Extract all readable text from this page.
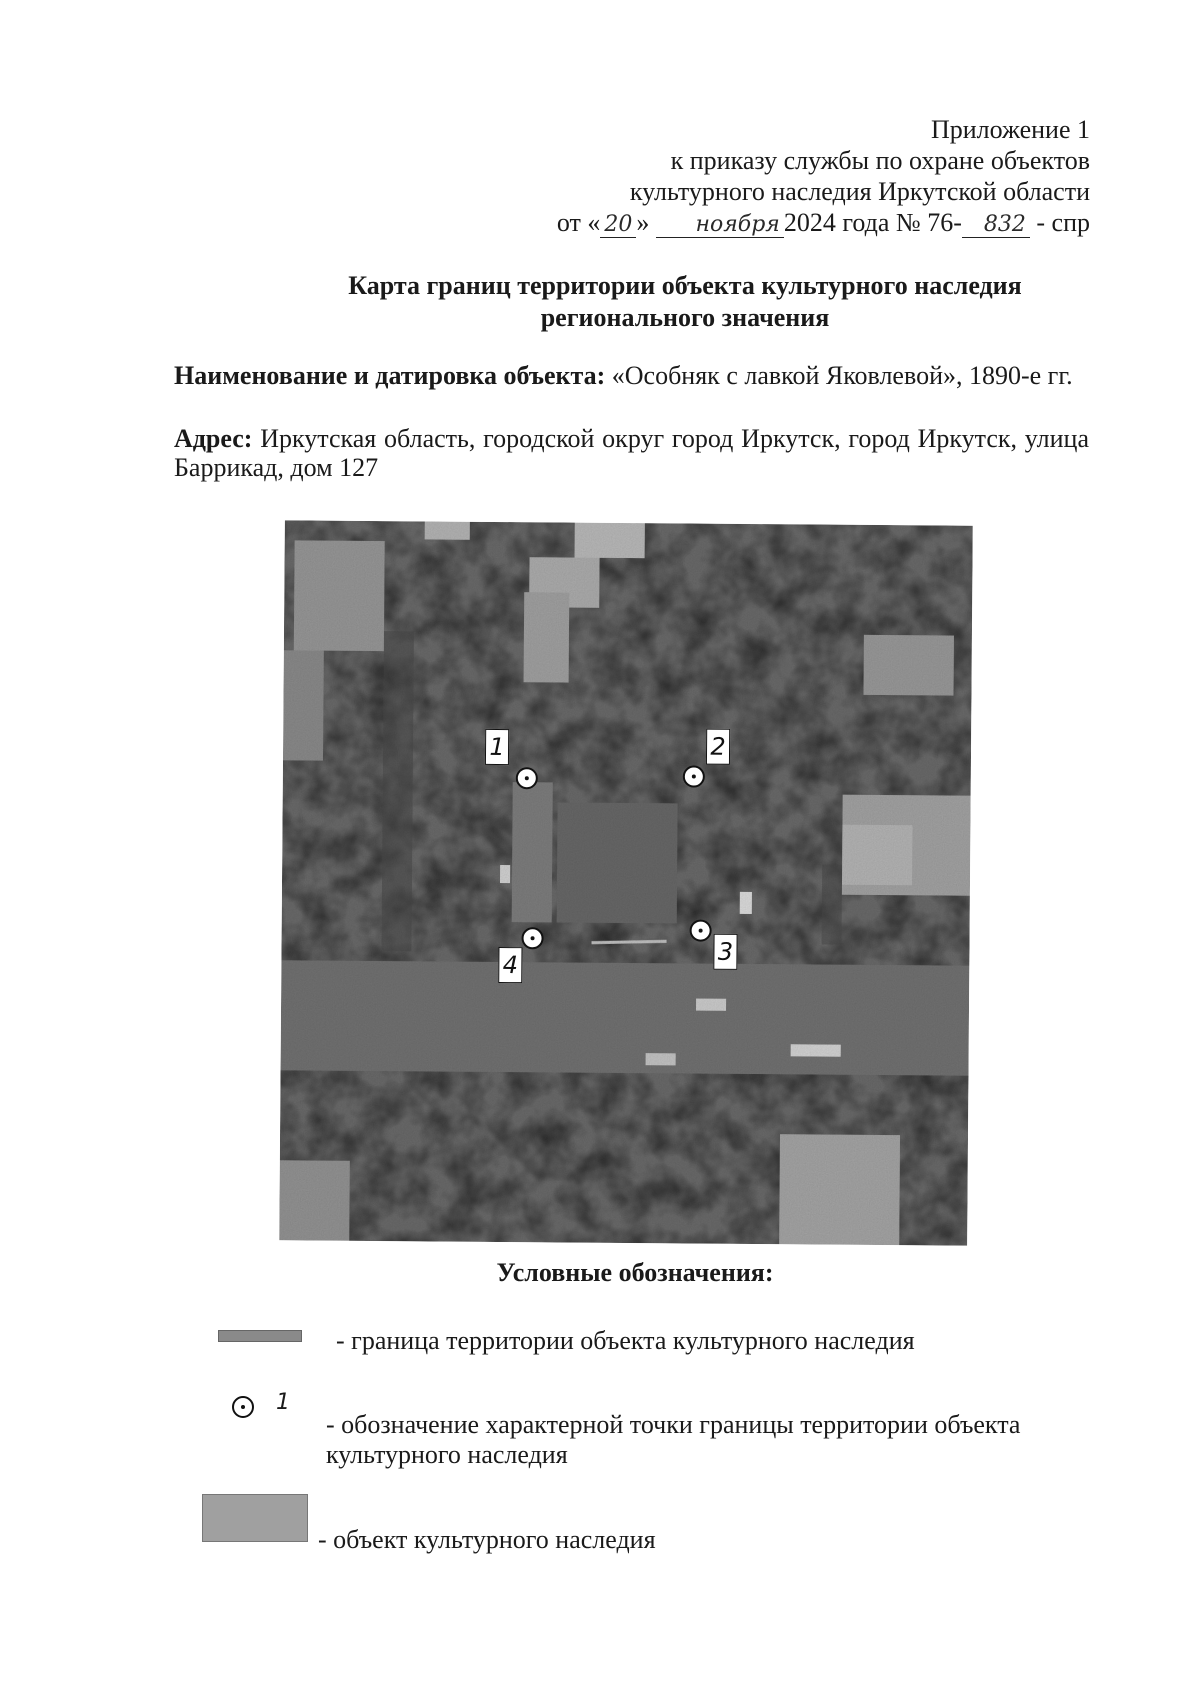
Приложение 1
к приказу службы по охране объектов
культурного наследия Иркутской области
от « 20 » ноября 2024 года № 76- 832 - спр
Карта границ территории объекта культурного наследия
регионального значения
Наименование и датировка объекта: «Особняк с лавкой Яковлевой», 1890-е гг.
Адрес: Иркутская область, городской округ город Иркутск, город Иркутск, улица Баррикад, дом 127
1	2
3
4
Условные обозначения:
- граница территории объекта культурного наследия
1
- обозначение характерной точки границы территории объекта культурного наследия
- объект культурного наследия
